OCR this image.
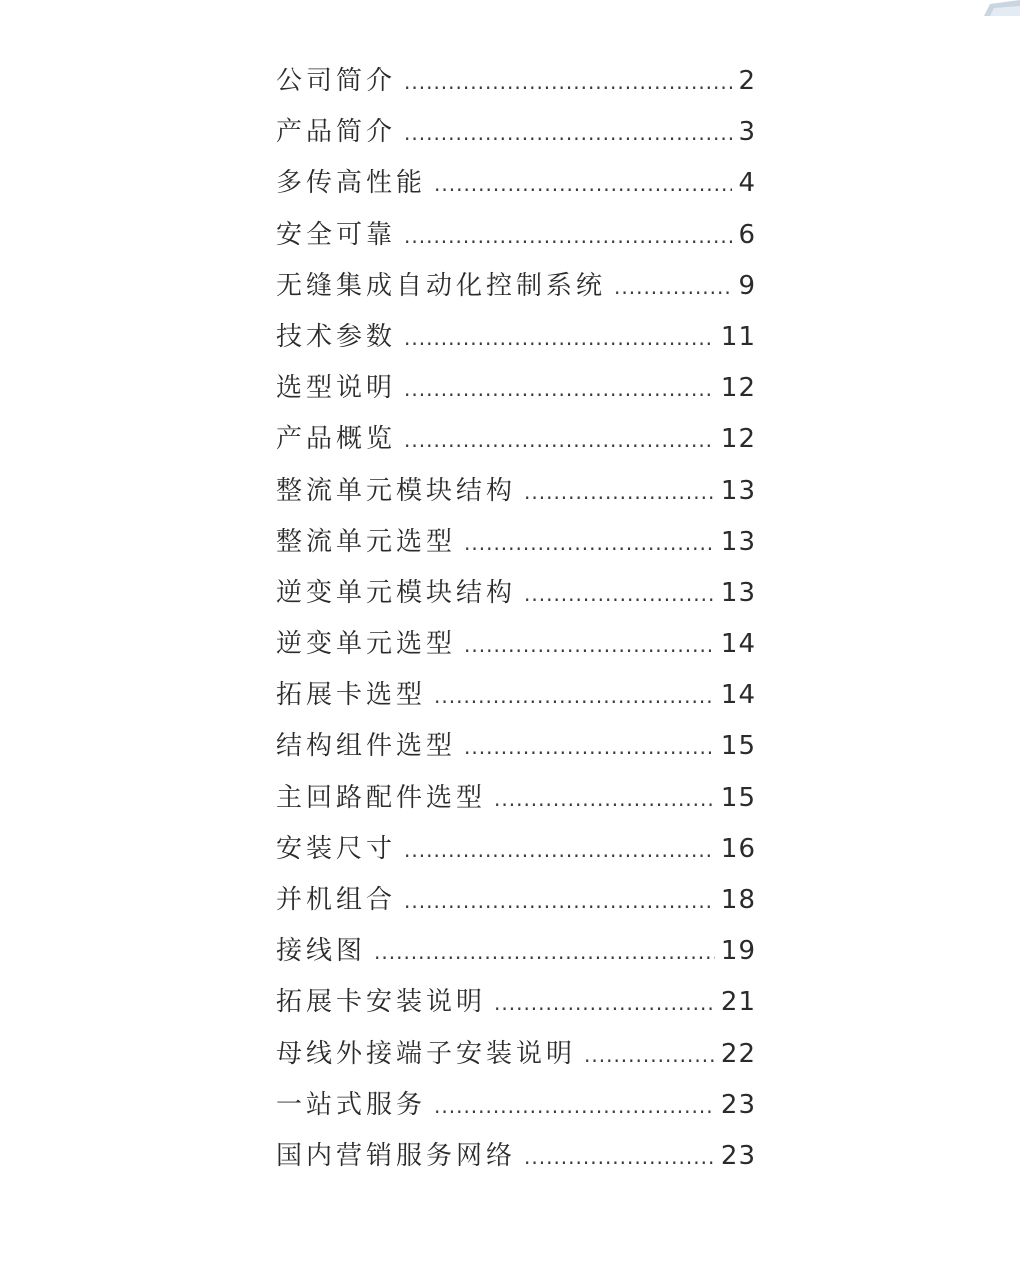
公司简介 .....	2
产品简介 .....	3
多传高性能 .....	4
安全可靠 .....	6
无缝集成自动化控制系统 .....	9
技术参数 .....	11
选型说明 .....	12
产品概览 .....	12
整流单元模块结构 .....	13
整流单元选型 .....	13
逆变单元模块结构 .....	13
逆变单元选型 .....	14
拓展卡选型 .....	14
结构组件选型 .....	15
主回路配件选型 .....	15
安装尺寸 .....	16
并机组合 .....	18
接线图 .....	19
拓展卡安装说明 .....	21
母线外接端子安装说明 .....	22
一站式服务 .....	23
国内营销服务网络 .....	23
